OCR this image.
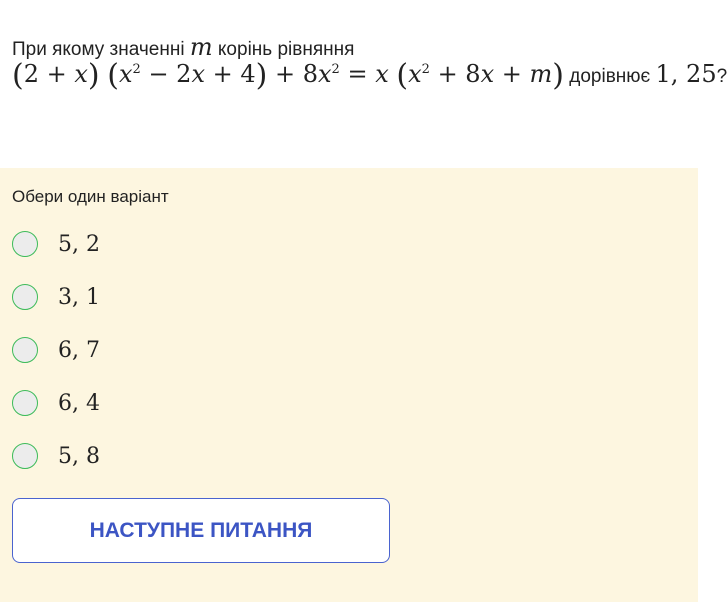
При якому значенні m корінь рівняння
(2 + x) $(x^2 - 2x + 4) + 8x^2 = x$ $(x^2 + 8x + m)$ дорівнює 1, 25?
Обери один варіант
5, 2
3, 1
6, 7
6, 4
5, 8
НАСТУПНЕ ПИТАННЯ
